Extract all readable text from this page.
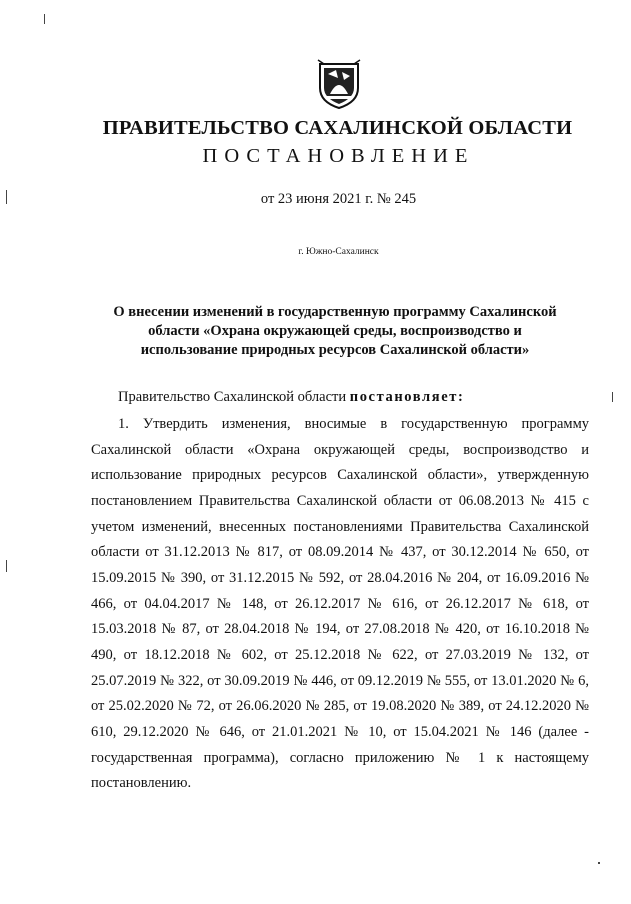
ПРАВИТЕЛЬСТВО САХАЛИНСКОЙ ОБЛАСТИ
ПОСТАНОВЛЕНИЕ
от 23 июня 2021 г. № 245
г. Южно-Сахалинск
О внесении изменений в государственную программу Сахалинской области «Охрана окружающей среды, воспроизводство и использование природных ресурсов Сахалинской области»
Правительство Сахалинской области постановляет:

1. Утвердить изменения, вносимые в государственную программу Сахалинской области «Охрана окружающей среды, воспроизводство и использование природных ресурсов Сахалинской области», утвержденную постановлением Правительства Сахалинской области от 06.08.2013 № 415 с учетом изменений, внесенных постановлениями Правительства Сахалинской области от 31.12.2013 № 817, от 08.09.2014 № 437, от 30.12.2014 № 650, от 15.09.2015 № 390, от 31.12.2015 № 592, от 28.04.2016 № 204, от 16.09.2016 № 466, от 04.04.2017 № 148, от 26.12.2017 № 616, от 26.12.2017 № 618, от 15.03.2018 № 87, от 28.04.2018 № 194, от 27.08.2018 № 420, от 16.10.2018 № 490, от 18.12.2018 № 602, от 25.12.2018 № 622, от 27.03.2019 № 132, от 25.07.2019 № 322, от 30.09.2019 № 446, от 09.12.2019 № 555, от 13.01.2020 № 6, от 25.02.2020 № 72, от 26.06.2020 № 285, от 19.08.2020 № 389, от 24.12.2020 № 610, 29.12.2020 № 646, от 21.01.2021 № 10, от 15.04.2021 № 146 (далее - государственная программа), согласно приложению № 1 к настоящему постановлению.
